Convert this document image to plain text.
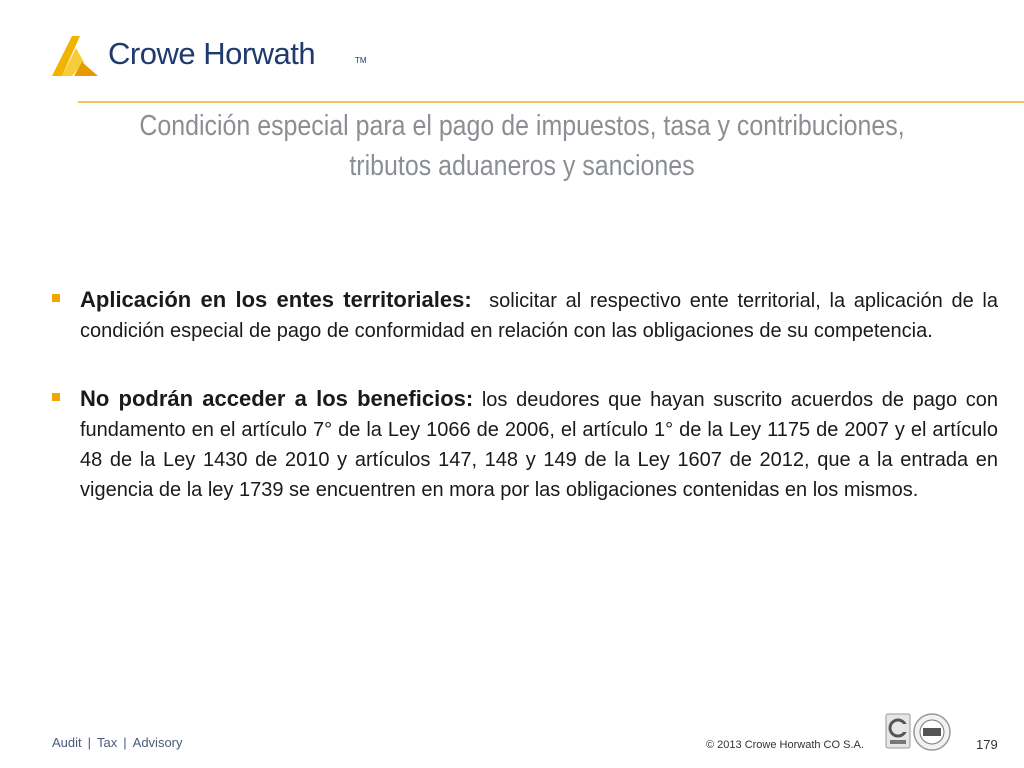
Crowe Horwath	TM
Condición especial para el pago de impuestos, tasa y contribuciones,
tributos aduaneros y sanciones
Aplicación en los entes territoriales: solicitar al respectivo ente territorial, la aplicación de la condición especial de pago de conformidad en relación con las obligaciones de su competencia.
No podrán acceder a los beneficios: los deudores que hayan suscrito acuerdos de pago con fundamento en el artículo 7° de la Ley 1066 de 2006, el artículo 1° de la Ley 1175 de 2007 y el artículo 48 de la Ley 1430 de 2010 y artículos 147, 148 y 149 de la Ley 1607 de 2012, que a la entrada en vigencia de la ley 1739 se encuentren en mora por las obligaciones contenidas en los mismos.
Audit | Tax | Advisory	© 2013 Crowe Horwath CO S.A.	179
